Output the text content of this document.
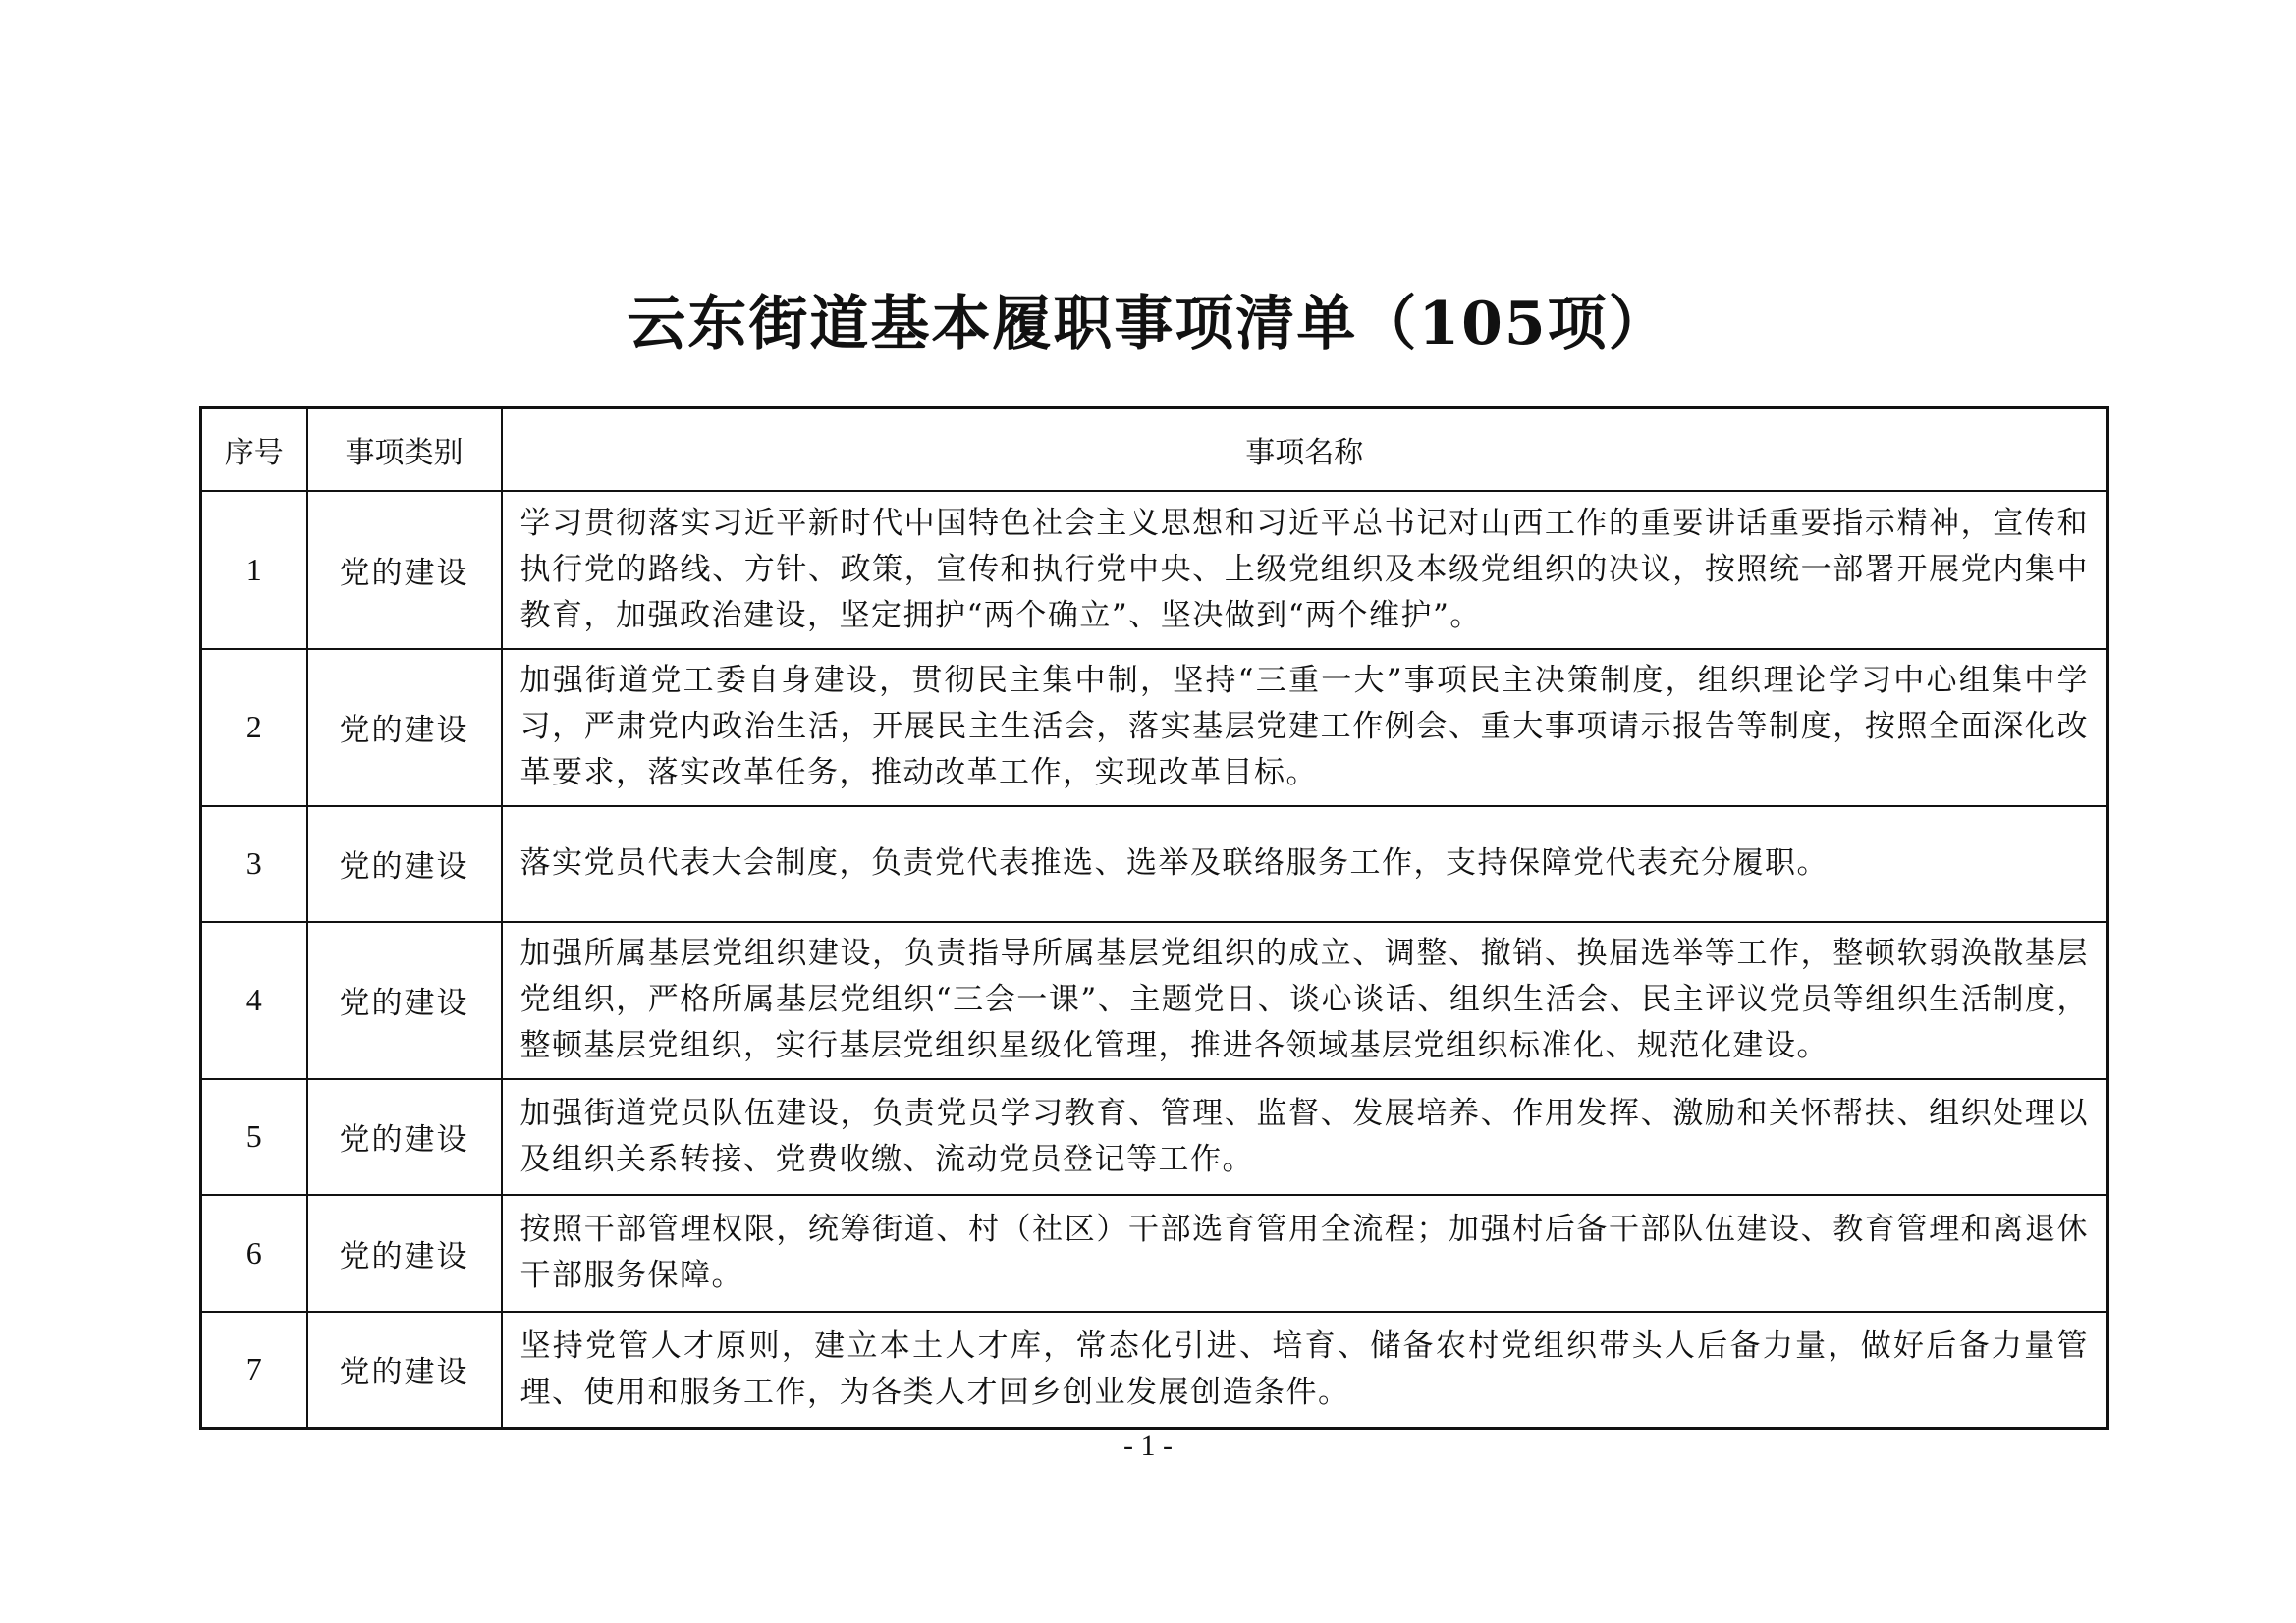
云东街道基本履职事项清单（105项）
序号	事项类别	事项名称
1	党的建设	学习贯彻落实习近平新时代中国特色社会主义思想和习近平总书记对山西工作的重要讲话重要指示精神，宣传和执行党的路线、方针、政策，宣传和执行党中央、上级党组织及本级党组织的决议，按照统一部署开展党内集中教育，加强政治建设，坚定拥护“两个确立”、坚决做到“两个维护”。
2	党的建设	加强街道党工委自身建设，贯彻民主集中制，坚持“三重一大”事项民主决策制度，组织理论学习中心组集中学习，严肃党内政治生活，开展民主生活会，落实基层党建工作例会、重大事项请示报告等制度，按照全面深化改革要求，落实改革任务，推动改革工作，实现改革目标。
3	党的建设	落实党员代表大会制度，负责党代表推选、选举及联络服务工作，支持保障党代表充分履职。
4	党的建设	加强所属基层党组织建设，负责指导所属基层党组织的成立、调整、撤销、换届选举等工作，整顿软弱涣散基层党组织，严格所属基层党组织“三会一课”、主题党日、谈心谈话、组织生活会、民主评议党员等组织生活制度，整顿基层党组织，实行基层党组织星级化管理，推进各领域基层党组织标准化、规范化建设。
5	党的建设	加强街道党员队伍建设，负责党员学习教育、管理、监督、发展培养、作用发挥、激励和关怀帮扶、组织处理以及组织关系转接、党费收缴、流动党员登记等工作。
6	党的建设	按照干部管理权限，统筹街道、村（社区）干部选育管用全流程；加强村后备干部队伍建设、教育管理和离退休干部服务保障。
7	党的建设	坚持党管人才原则，建立本土人才库，常态化引进、培育、储备农村党组织带头人后备力量，做好后备力量管理、使用和服务工作，为各类人才回乡创业发展创造条件。

- 1 -
